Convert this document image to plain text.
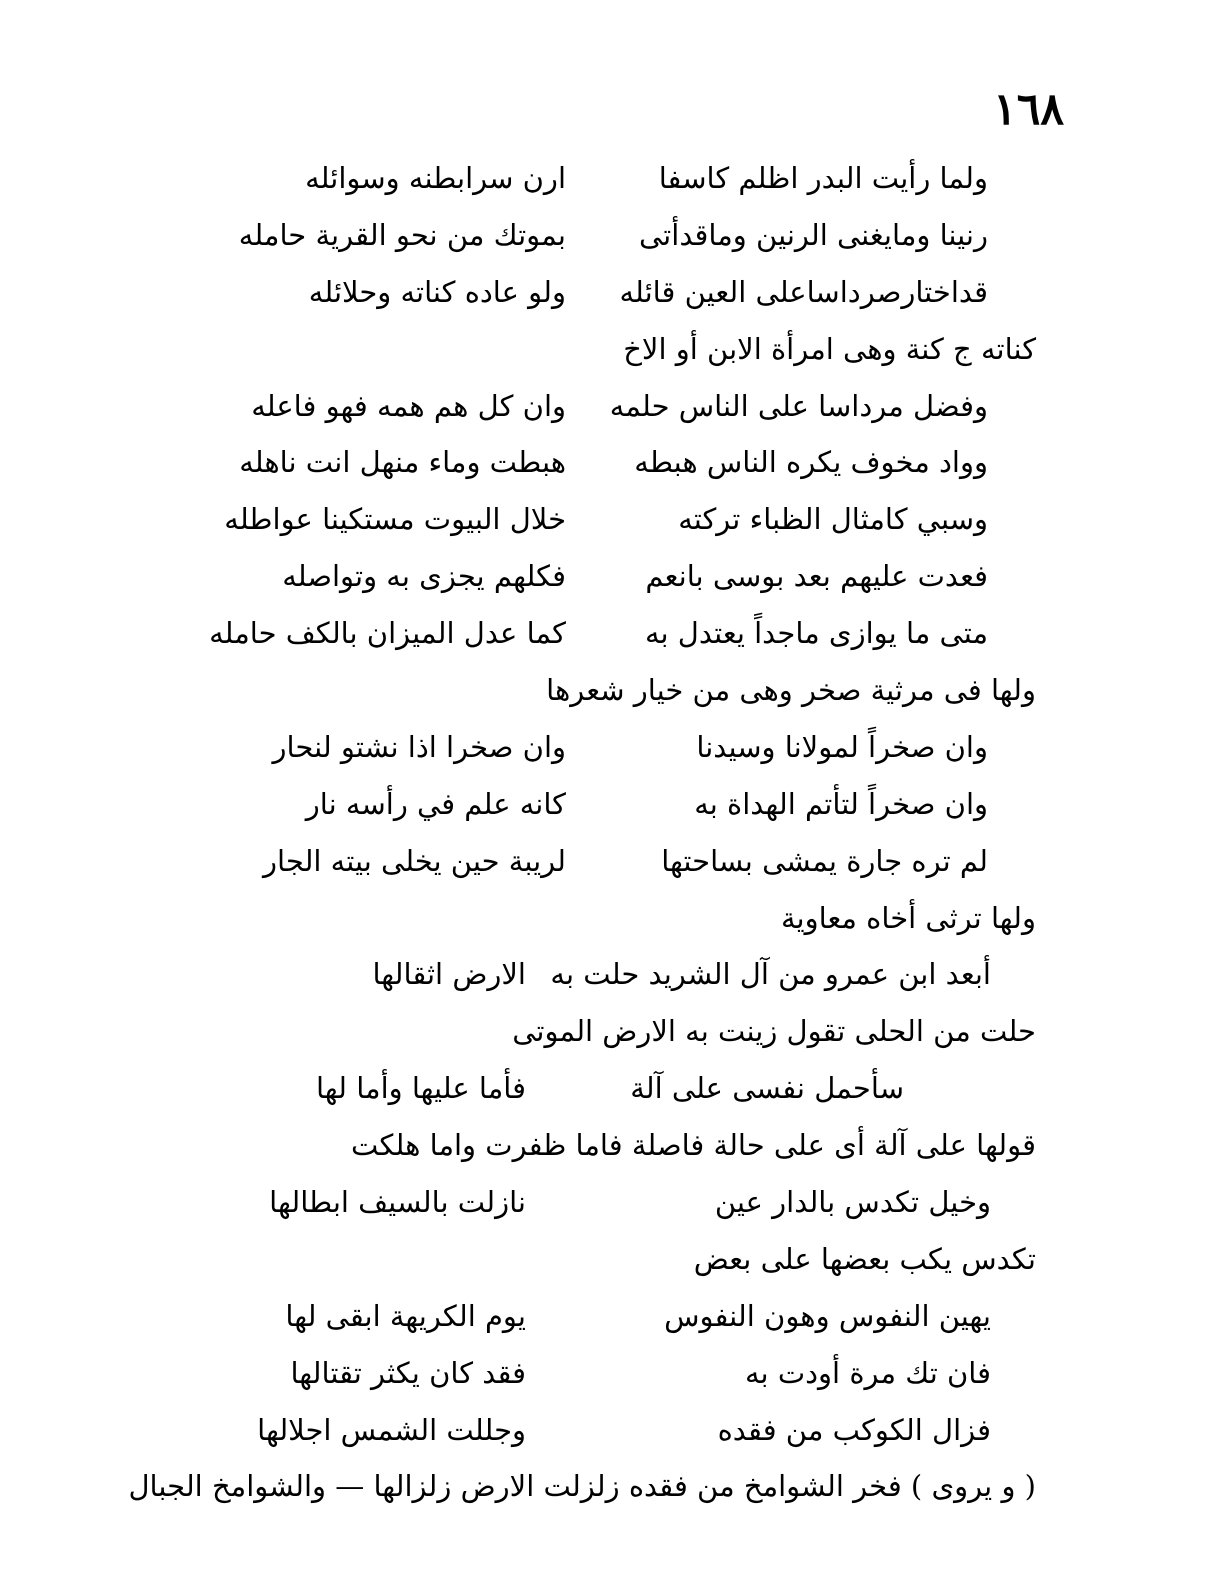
١٦٨
ولما رأيت البدر اظلم كاسفا
ارن سرابطنه وسوائله
رنينا ومايغنى الرنين وماقدأتى
بموتك من نحو القرية حامله
قداختارصرداساعلى العين قائله
ولو عاده كناته وحلائله
كناته ج كنة وهى امرأة الابن أو الاخ
وفضل مرداسا على الناس حلمه
وان كل هم همه فهو فاعله
وواد مخوف يكره الناس هبطه
هبطت وماء منهل انت ناهله
وسبي كامثال الظباء تركته
خلال البيوت مستكينا عواطله
فعدت عليهم بعد بوسى بانعم
فكلهم يجزى به وتواصله
متى ما يوازى ماجداً يعتدل به
كما عدل الميزان بالكف حامله
ولها فى مرثية صخر وهى من خيار شعرها
وان صخراً لمولانا وسيدنا
وان صخرا اذا نشتو لنحار
وان صخراً لتأتم الهداة به
كانه علم في رأسه نار
لم تره جارة يمشى بساحتها
لريبة حين يخلى بيته الجار
ولها ترثى أخاه معاوية
أبعد ابن عمرو من آل الشريد حلت به
الارض اثقالها
حلت من الحلى تقول زينت به الارض الموتى
سأحمل نفسى على آلة
فأما عليها وأما لها
قولها على آلة أى على حالة فاصلة فاما ظفرت واما هلكت
وخيل تكدس بالدار عين
نازلت بالسيف ابطالها
تكدس يكب بعضها على بعض
يهين النفوس وهون النفوس
يوم الكريهة ابقى لها
فان تك مرة أودت به
فقد كان يكثر تقتالها
فزال الكوكب من فقده
وجللت الشمس اجلالها
( و يروى ) فخر الشوامخ من فقده زلزلت الارض زلزالها — والشوامخ الجبال
